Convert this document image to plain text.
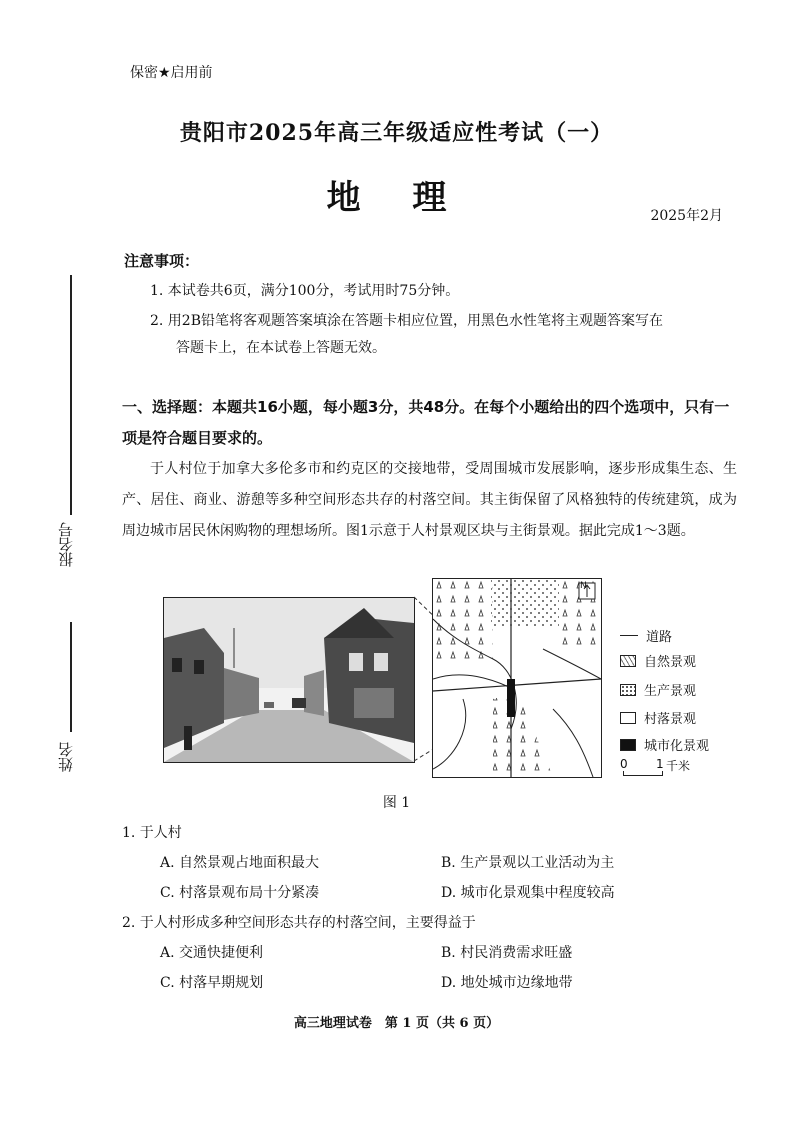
保密★启用前
贵阳市2025年高三年级适应性考试（一）
地 理	2025年2月
注意事项：
1. 本试卷共6页，满分100分，考试用时75分钟。
2. 用2B铅笔将客观题答案填涂在答题卡相应位置，用黑色水性笔将主观题答案写在
答题卡上，在本试卷上答题无效。
一、选择题：本题共16小题，每小题3分，共48分。在每个小题给出的四个选项中，只有一项是符合题目要求的。
于人村位于加拿大多伦多市和约克区的交接地带，受周围城市发展影响，逐步形成集生态、生产、居住、商业、游憩等多种空间形态共存的村落空间。其主街保留了风格独特的传统建筑，成为周边城市居民休闲购物的理想场所。图1示意于人村景观区块与主街景观。据此完成1～3题。
N
道路
自然景观
生产景观
村落景观
城市化景观
0 1 千米
图 1
1. 于人村
A. 自然景观占地面积最大	B. 生产景观以工业活动为主
C. 村落景观布局十分紧凑	D. 城市化景观集中程度较高
2. 于人村形成多种空间形态共存的村落空间，主要得益于
A. 交通快捷便利	B. 村民消费需求旺盛
C. 村落早期规划	D. 地处城市边缘地带
报名号
姓名
高三地理试卷　第 1 页（共 6 页）
